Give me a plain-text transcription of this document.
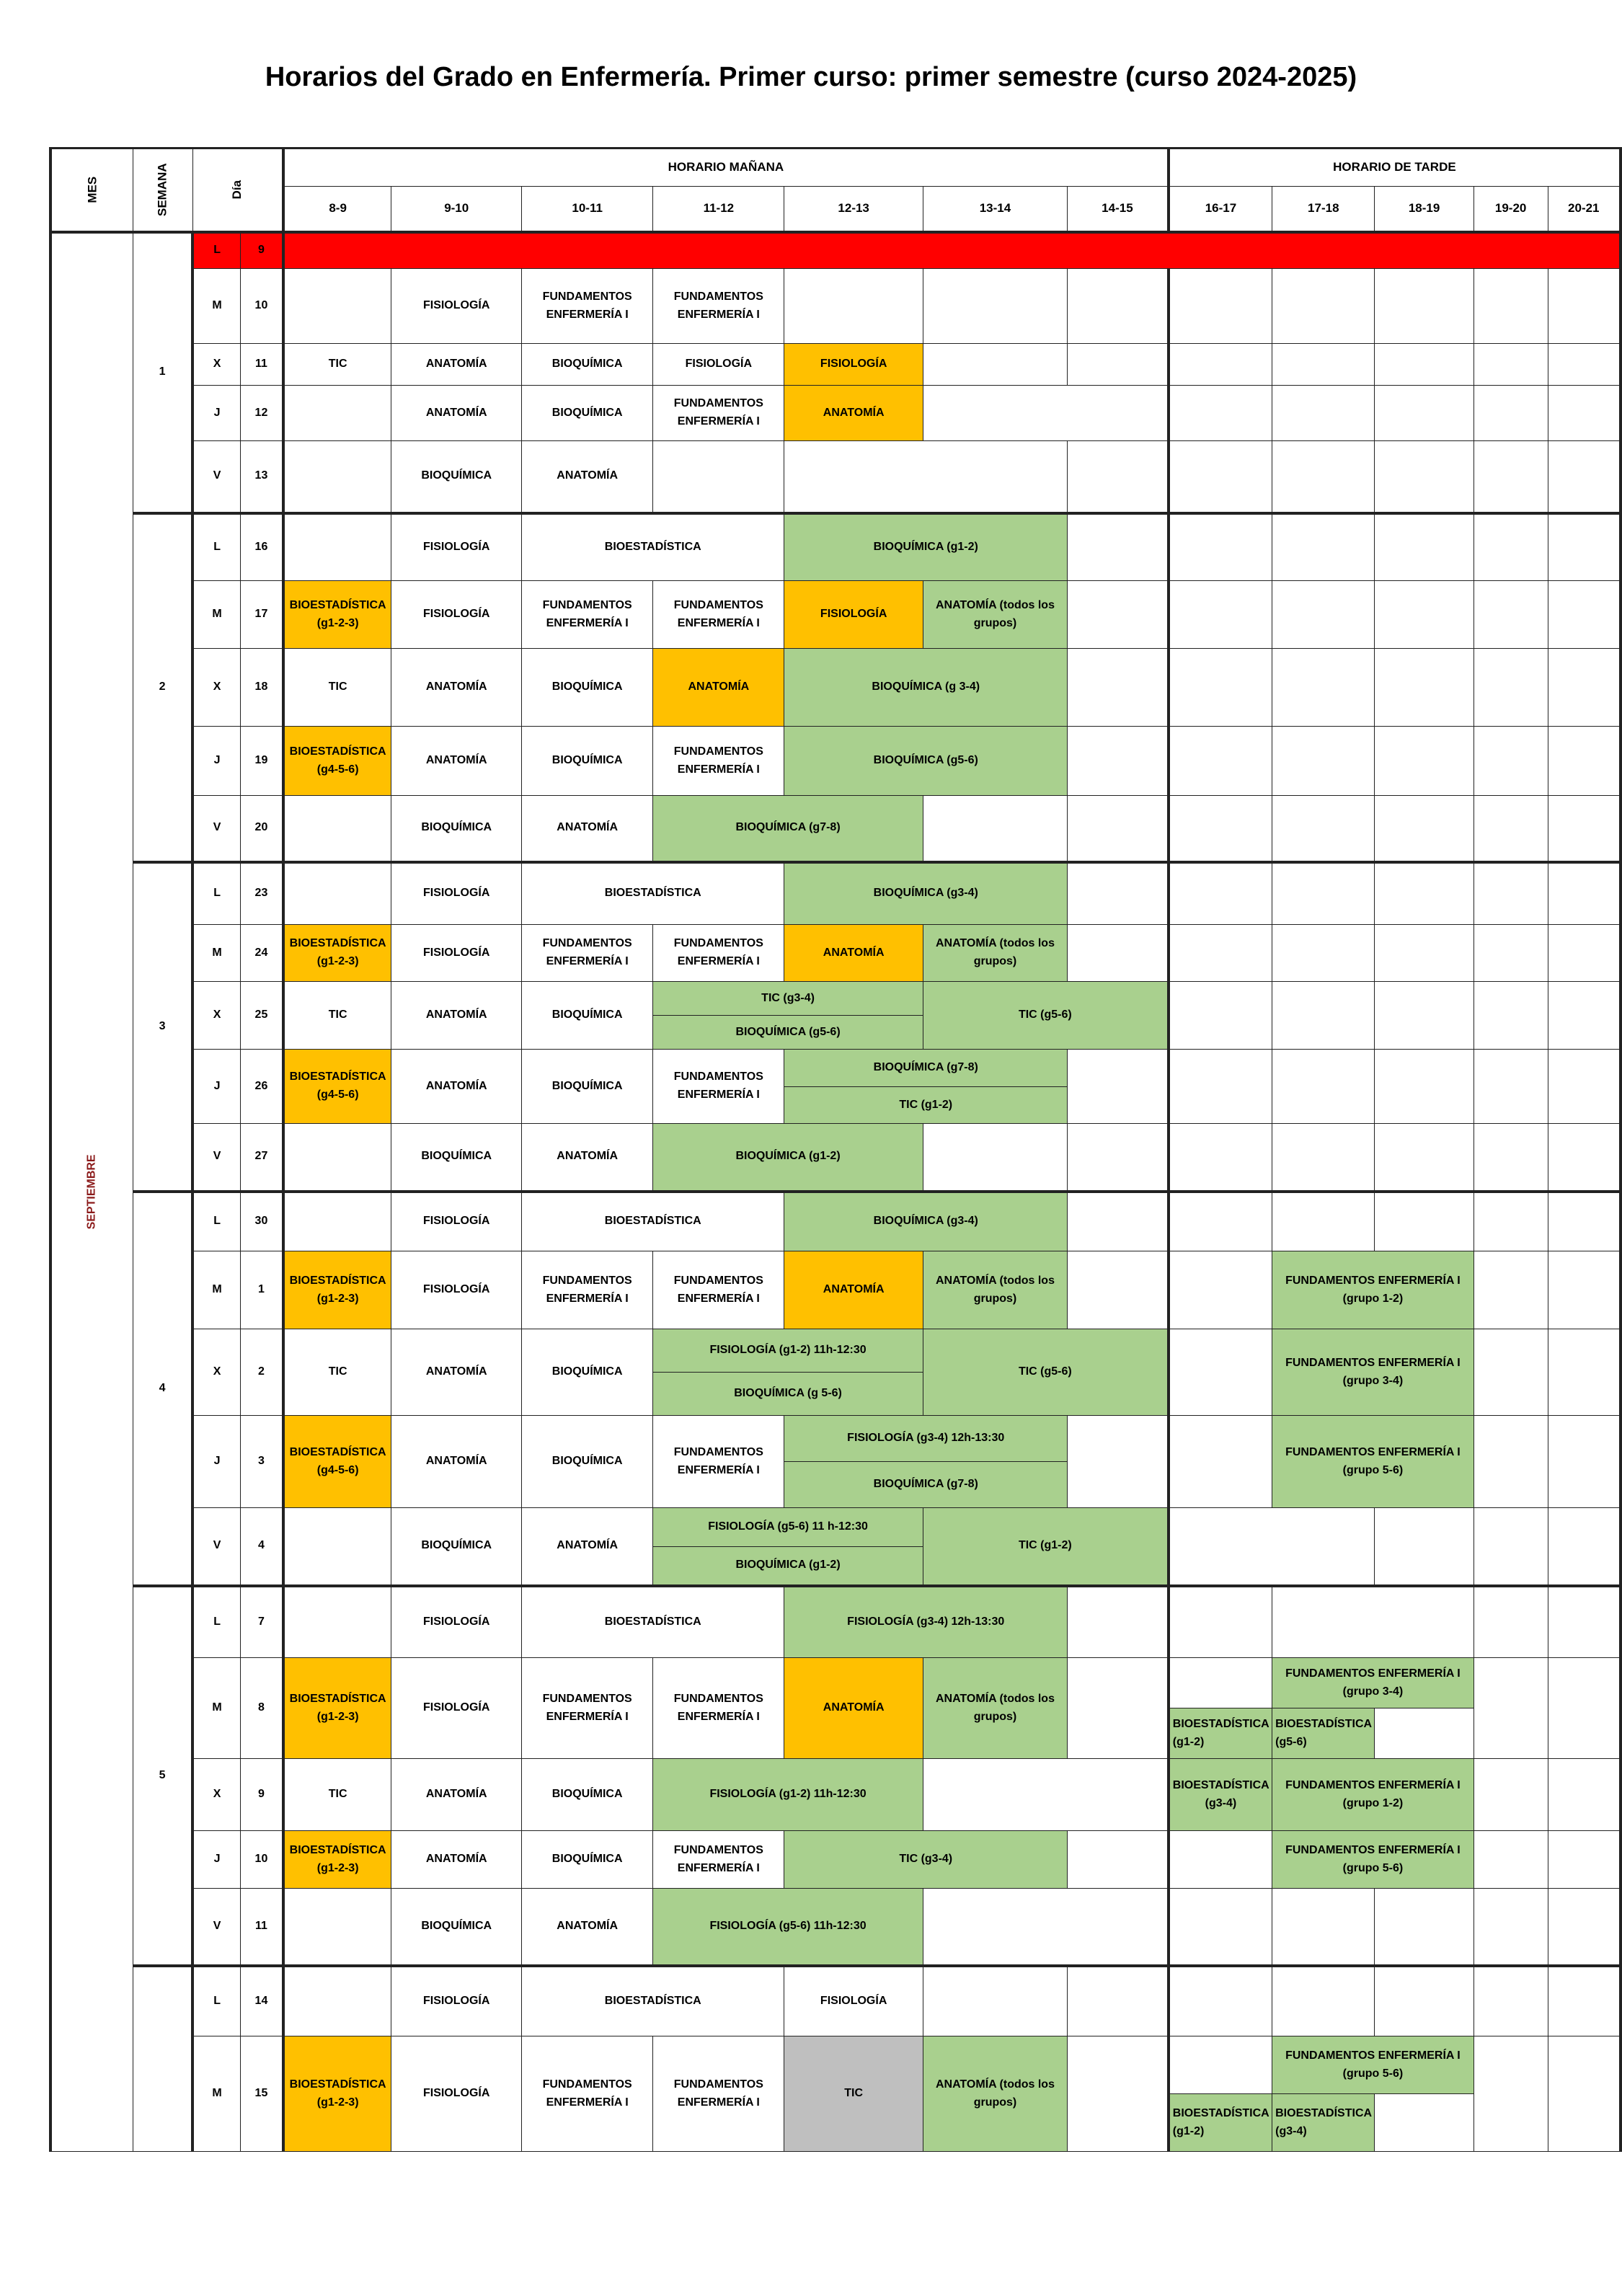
Horarios del Grado en Enfermería. Primer curso: primer semestre (curso 2024-2025)
MES	SEMANA	Día		HORARIO MAÑANA							HORARIO DE TARDE				
				8-9	9-10	10-11	11-12	12-13	13-14	14-15	16-17	17-18	18-19	19-20	20-21
SEPTIEMBRE	1	L	9												
		M	10		FISIOLOGÍA	FUNDAMENTOS ENFERMERÍA I	FUNDAMENTOS ENFERMERÍA I								
		X	11	TIC	ANATOMÍA	BIOQUÍMICA	FISIOLOGÍA	FISIOLOGÍA							
		J	12		ANATOMÍA	BIOQUÍMICA	FUNDAMENTOS ENFERMERÍA I	ANATOMÍA							
		V	13		BIOQUÍMICA	ANATOMÍA									
	2	L	16		FISIOLOGÍA	BIOESTADÍSTICA		BIOQUÍMICA (g1-2)							
		M	17	BIOESTADÍSTICA (g1-2-3)	FISIOLOGÍA	FUNDAMENTOS ENFERMERÍA I	FUNDAMENTOS ENFERMERÍA I	FISIOLOGÍA	ANATOMÍA (todos los grupos)						
		X	18	TIC	ANATOMÍA	BIOQUÍMICA	ANATOMÍA	BIOQUÍMICA (g 3-4)							
		J	19	BIOESTADÍSTICA (g4-5-6)	ANATOMÍA	BIOQUÍMICA	FUNDAMENTOS ENFERMERÍA I	BIOQUÍMICA (g5-6)							
		V	20		BIOQUÍMICA	ANATOMÍA	BIOQUÍMICA (g7-8)								
	3	L	23		FISIOLOGÍA	BIOESTADÍSTICA		BIOQUÍMICA (g3-4)							
		M	24	BIOESTADÍSTICA (g1-2-3)	FISIOLOGÍA	FUNDAMENTOS ENFERMERÍA I	FUNDAMENTOS ENFERMERÍA I	ANATOMÍA	ANATOMÍA (todos los grupos)						
		X	25	TIC	ANATOMÍA	BIOQUÍMICA	TIC (g3-4)		TIC (g5-6)						
							BIOQUÍMICA (g5-6)								
		J	26	BIOESTADÍSTICA (g4-5-6)	ANATOMÍA	BIOQUÍMICA	FUNDAMENTOS ENFERMERÍA I	BIOQUÍMICA (g7-8)							
								TIC (g1-2)							
		V	27		BIOQUÍMICA	ANATOMÍA	BIOQUÍMICA (g1-2)								
	4	L	30		FISIOLOGÍA	BIOESTADÍSTICA		BIOQUÍMICA (g3-4)							
		M	1	BIOESTADÍSTICA (g1-2-3)	FISIOLOGÍA	FUNDAMENTOS ENFERMERÍA I	FUNDAMENTOS ENFERMERÍA I	ANATOMÍA	ANATOMÍA (todos los grupos)			FUNDAMENTOS ENFERMERÍA I (grupo 1-2)			
		X	2	TIC	ANATOMÍA	BIOQUÍMICA	FISIOLOGÍA (g1-2) 11h-12:30		TIC (g5-6)			FUNDAMENTOS ENFERMERÍA I (grupo 3-4)			
							BIOQUÍMICA (g 5-6)								
		J	3	BIOESTADÍSTICA (g4-5-6)	ANATOMÍA	BIOQUÍMICA	FUNDAMENTOS ENFERMERÍA I	FISIOLOGÍA (g3-4) 12h-13:30				FUNDAMENTOS ENFERMERÍA I (grupo 5-6)			
								BIOQUÍMICA (g7-8)							
		V	4		BIOQUÍMICA	ANATOMÍA	FISIOLOGÍA (g5-6) 11 h-12:30		TIC (g1-2)						
							BIOQUÍMICA (g1-2)								
	5	L	7		FISIOLOGÍA	BIOESTADÍSTICA		FISIOLOGÍA (g3-4) 12h-13:30							
		M	8	BIOESTADÍSTICA (g1-2-3)	FISIOLOGÍA	FUNDAMENTOS ENFERMERÍA I	FUNDAMENTOS ENFERMERÍA I	ANATOMÍA	ANATOMÍA (todos los grupos)			FUNDAMENTOS ENFERMERÍA I (grupo 3-4)			
											BIOESTADÍSTICA (g1-2)	BIOESTADÍSTICA (g5-6)			
		X	9	TIC	ANATOMÍA	BIOQUÍMICA	FISIOLOGÍA (g1-2) 11h-12:30				BIOESTADÍSTICA (g3-4)	FUNDAMENTOS ENFERMERÍA I (grupo 1-2)			
		J	10	BIOESTADÍSTICA (g1-2-3)	ANATOMÍA	BIOQUÍMICA	FUNDAMENTOS ENFERMERÍA I	TIC (g3-4)				FUNDAMENTOS ENFERMERÍA I (grupo 5-6)			
		V	11		BIOQUÍMICA	ANATOMÍA	FISIOLOGÍA (g5-6) 11h-12:30								
		L	14		FISIOLOGÍA	BIOESTADÍSTICA		FISIOLOGÍA							
		M	15	BIOESTADÍSTICA (g1-2-3)	FISIOLOGÍA	FUNDAMENTOS ENFERMERÍA I	FUNDAMENTOS ENFERMERÍA I	TIC	ANATOMÍA (todos los grupos)			FUNDAMENTOS ENFERMERÍA I (grupo 5-6)			
											BIOESTADÍSTICA (g1-2)	BIOESTADÍSTICA (g3-4)			
